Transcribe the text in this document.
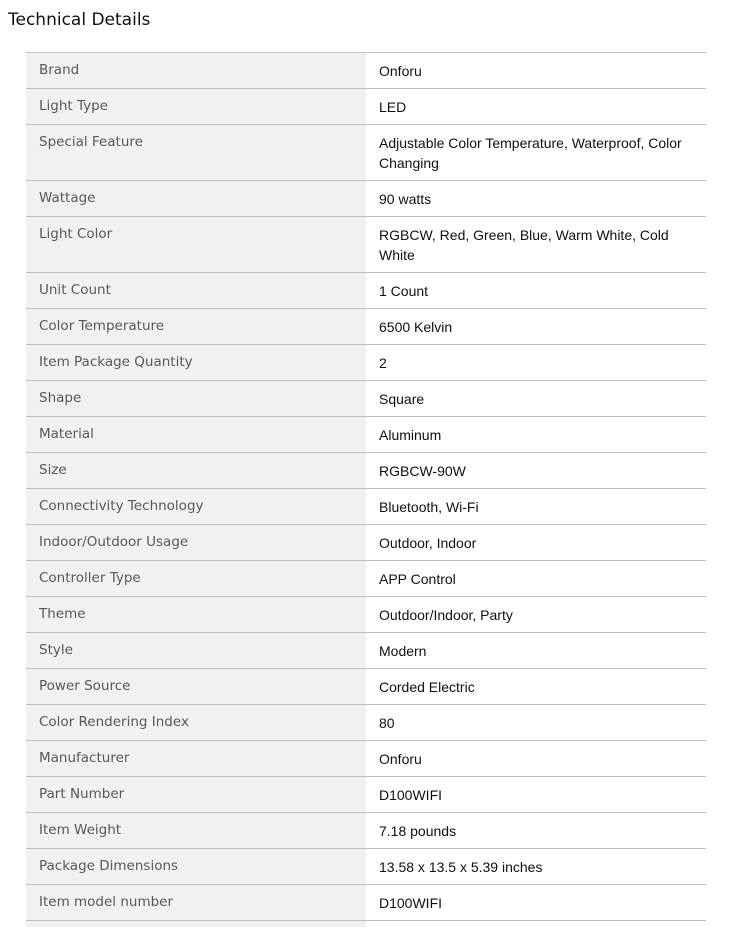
Technical Details
Brand	Onforu
Light Type	LED
Special Feature	Adjustable Color Temperature, Waterproof, Color Changing
Wattage	90 watts
Light Color	RGBCW, Red, Green, Blue, Warm White, Cold White
Unit Count	1 Count
Color Temperature	6500 Kelvin
Item Package Quantity	2
Shape	Square
Material	Aluminum
Size	RGBCW-90W
Connectivity Technology	Bluetooth, Wi-Fi
Indoor/Outdoor Usage	Outdoor, Indoor
Controller Type	APP Control
Theme	Outdoor/Indoor, Party
Style	Modern
Power Source	Corded Electric
Color Rendering Index	80
Manufacturer	Onforu
Part Number	D100WIFI
Item Weight	7.18 pounds
Package Dimensions	13.58 x 13.5 x 5.39 inches
Item model number	D100WIFI
